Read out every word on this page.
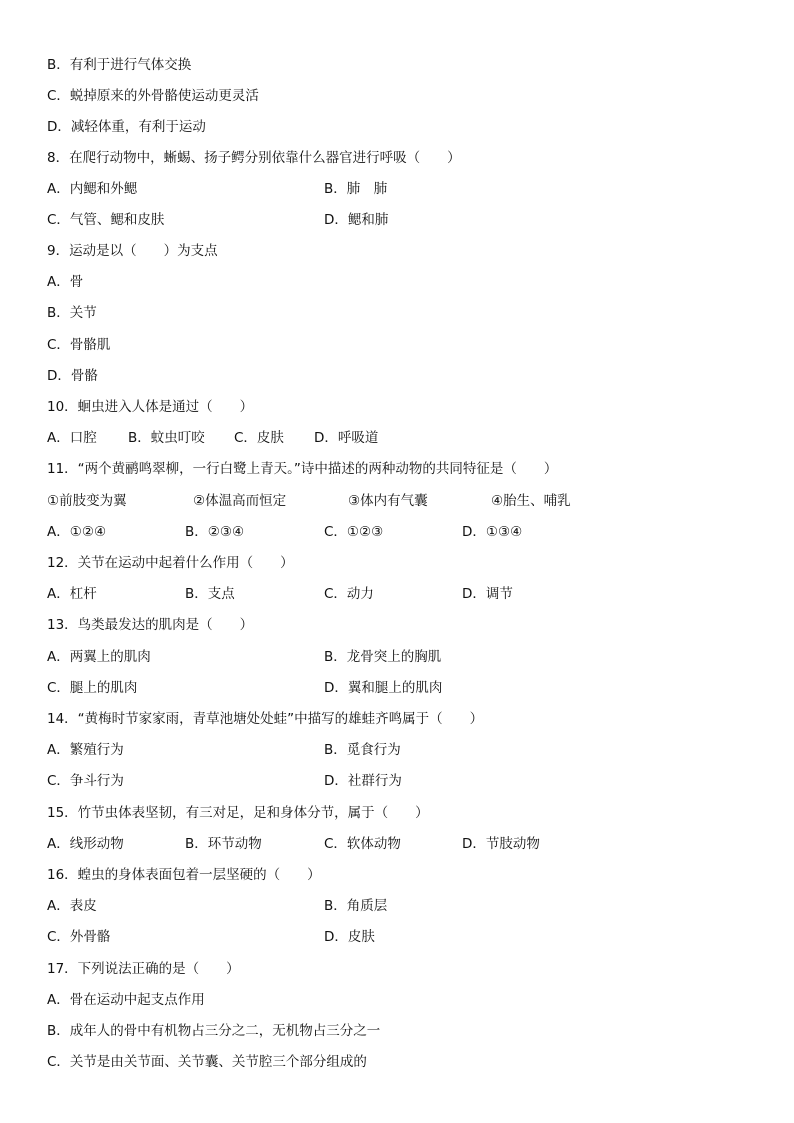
B．有利于进行气体交换
C．蜕掉原来的外骨骼使运动更灵活
D．减轻体重，有利于运动
8．在爬行动物中，蜥蜴、扬子鳄分别依靠什么器官进行呼吸（　　）
A．内鳃和外鳃	B．肺　肺
C．气管、鳃和皮肤	D．鳃和肺
9．运动是以（　　）为支点
A．骨
B．关节
C．骨骼肌
D．骨骼
10．蛔虫进入人体是通过（　　）
A．口腔 B．蚊虫叮咬 C．皮肤 D．呼吸道
11．“两个黄鹂鸣翠柳，一行白鹭上青天。”诗中描述的两种动物的共同特征是（　　）
①前肢变为翼	②体温高而恒定	③体内有气囊	④胎生、哺乳
A．①②④	B．②③④	C．①②③	D．①③④
12．关节在运动中起着什么作用（　　）
A．杠杆	B．支点	C．动力	D．调节
13．鸟类最发达的肌肉是（　　）
A．两翼上的肌肉	B．龙骨突上的胸肌
C．腿上的肌肉	D．翼和腿上的肌肉
14．“黄梅时节家家雨，青草池塘处处蛙”中描写的雄蛙齐鸣属于（　　）
A．繁殖行为	B．觅食行为
C．争斗行为	D．社群行为
15．竹节虫体表坚韧，有三对足，足和身体分节，属于（　　）
A．线形动物	B．环节动物	C．软体动物	D．节肢动物
16．蝗虫的身体表面包着一层坚硬的（　　）
A．表皮	B．角质层
C．外骨骼	D．皮肤
17．下列说法正确的是（　　）
A．骨在运动中起支点作用
B．成年人的骨中有机物占三分之二，无机物占三分之一
C．关节是由关节面、关节囊、关节腔三个部分组成的
